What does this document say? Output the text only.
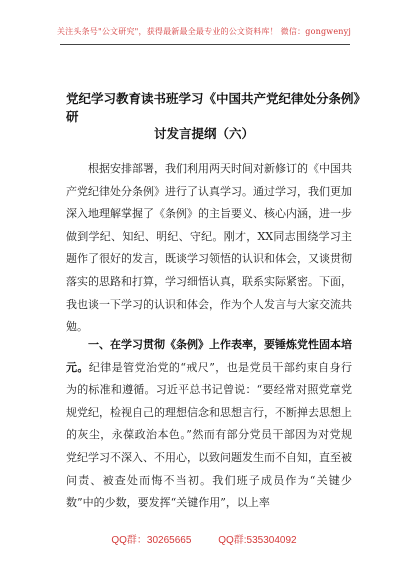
关注头条号"公文研究"，获得最新最全最专业的公文资料库！ 微信：gongwenyj
党纪学习教育读书班学习《中国共产党纪律处分条例》研
讨发言提纲（六）
根据安排部署，我们利用两天时间对新修订的《中国共产党纪律处分条例》进行了认真学习。通过学习，我们更加深入地理解掌握了《条例》的主旨要义、核心内涵，进一步做到学纪、知纪、明纪、守纪。刚才，XX同志围绕学习主题作了很好的发言，既谈学习领悟的认识和体会，又谈贯彻落实的思路和打算，学习细悟认真，联系实际紧密。下面，我也谈一下学习的认识和体会，作为个人发言与大家交流共勉。
一、在学习贯彻《条例》上作表率，要锤炼党性固本培元。纪律是管党治党的“戒尺”，也是党员干部约束自身行为的标准和遵循。习近平总书记曾说：“要经常对照党章党规党纪，检视自己的理想信念和思想言行，不断掸去思想上的灰尘，永葆政治本色。”然而有部分党员干部因为对党规党纪学习不深入、不用心，以致问题发生而不自知，直至被问责、被查处而悔不当初。我们班子成员作为“关键少数”中的少数，要发挥“关键作用”，以上率
QQ群：30265665	QQ群:535304092
